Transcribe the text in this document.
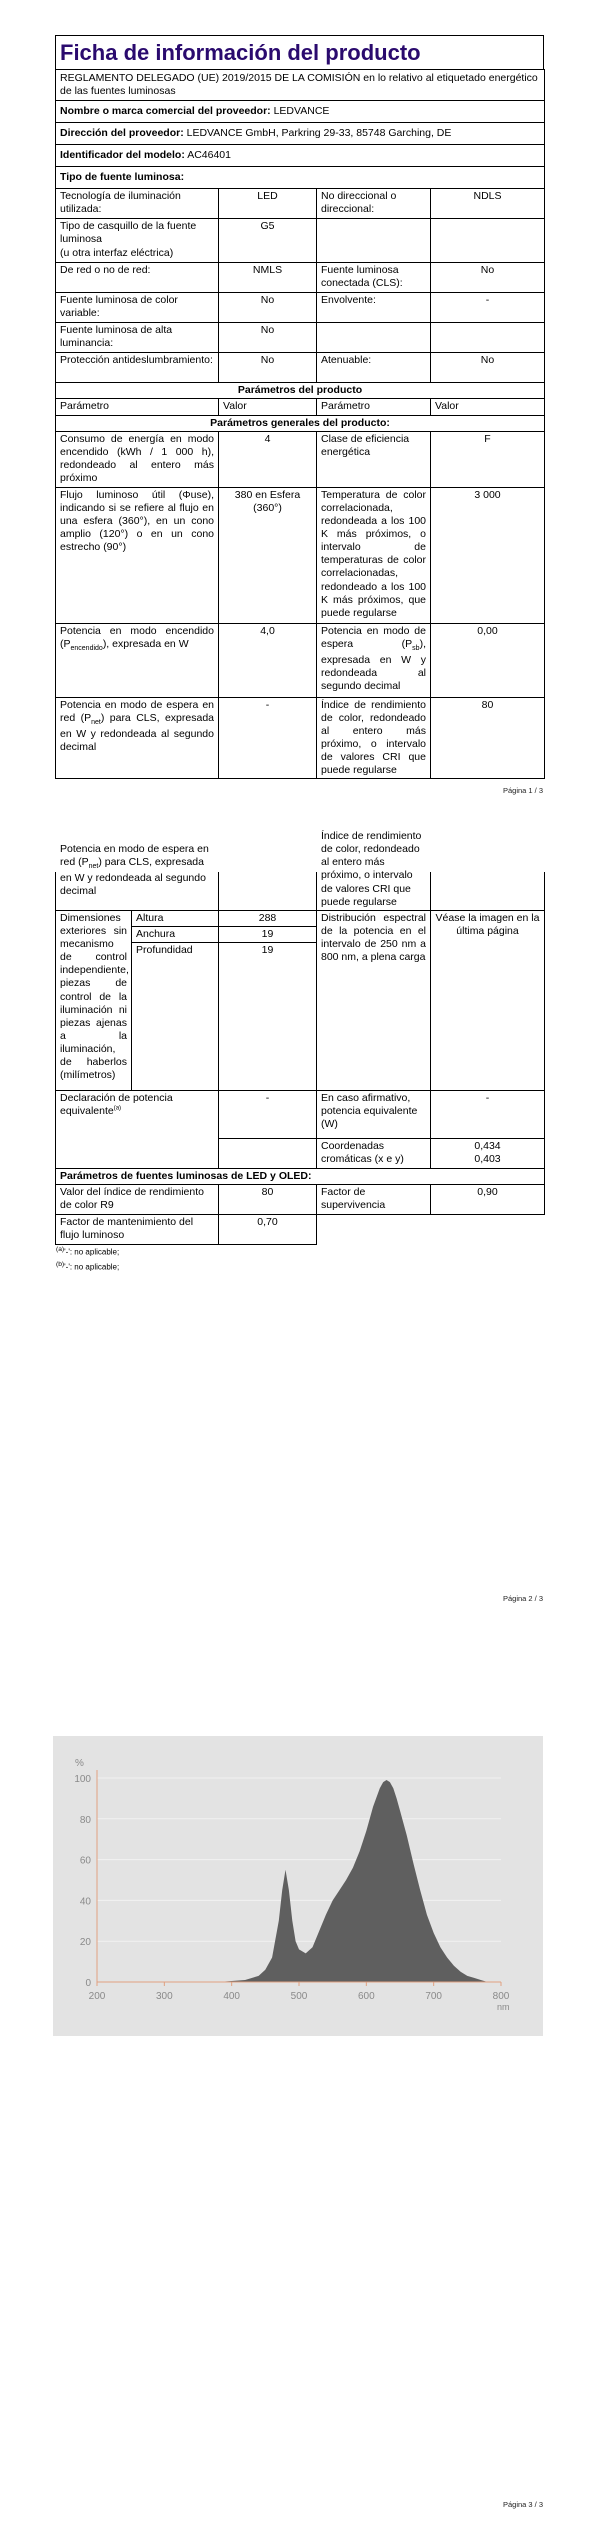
Ficha de información del producto
REGLAMENTO DELEGADO (UE) 2019/2015 DE LA COMISIÓN en lo relativo al etiquetado energético de las fuentes luminosas			
Nombre o marca comercial del proveedor: LEDVANCE			
Dirección del proveedor: LEDVANCE GmbH, Parkring 29-33, 85748 Garching, DE			
Identificador del modelo: AC46401			
Tipo de fuente luminosa:			
Tecnología de iluminación utilizada:	LED	No direccional o direccional:	NDLS

Tipo de casquillo de la fuente luminosa
(u otra interfaz eléctrica)	G5		
De red o no de red:	NMLS	Fuente luminosa conectada (CLS):	No
Fuente luminosa de color variable:	No	Envolvente:	-
Fuente luminosa de alta luminancia:	No		
Protección antideslumbramiento:	No	Atenuable:	No
Parámetros del producto			
Parámetro	Valor	Parámetro	Valor
Parámetros generales del producto:			
Consumo de energía en modo encendido (kWh / 1 000 h), redondeado al entero más próximo	4	Clase de eficiencia energética	F
Flujo luminoso útil (Φuse), indicando si se refiere al flujo en una esfera (360°), en un cono amplio (120°) o en un cono estrecho (90°)	380 en Esfera (360°)	Temperatura de color correlacionada, redondeada a los 100 K más próximos, o intervalo de temperaturas de color correlacionadas, redondeado a los 100 K más próximos, que puede regularse	3 000
Potencia en modo encendido $(P_{encendido})$, expresada en W	4,0	Potencia en modo de espera $(P_{sb})$, expresada en W y redondeada al segundo decimal	0,00
Potencia en modo de espera en red $(P_{net})$ para CLS, expresada en W y redondeada al segundo decimal	-	Índice de rendimiento de color, redondeado al entero más próximo, o intervalo de valores CRI que puede regularse	80
Página 1 / 3
Potencia en modo de espera en red $(P_{net})$ para CLS, expresada en W y redondeada al segundo decimal			Índice de rendimiento de color, redondeado al entero más próximo, o intervalo de valores CRI que puede regularse	

Dimensiones exteriores sin mecanismo de control independiente, piezas de control de la iluminación ni piezas ajenas a la iluminación, de haberlos (milímetros)	Altura	288	Distribución espectral de la potencia en el intervalo de 250 nm a 800 nm, a plena carga	Véase la imagen en la última página
	Anchura	19		
	Profundidad	19		
Declaración de potencia equivalente$^{(a)}$		-	En caso afirmativo, potencia equivalente (W)	-
			Coordenadas cromáticas (x e y)	0,434
0,403

Parámetros de fuentes luminosas de LED y OLED:				
Valor del índice de rendimiento de color R9		80	Factor de supervivencia	0,90
Factor de mantenimiento del flujo luminoso		0,70		
$^{(a)}$'-': no aplicable;
$^{(b)}$'-': no aplicable;
Página 2 / 3
0
20
40
60
80
100
200	300	400	500	600	700	800
%
nm
Página 3 / 3
